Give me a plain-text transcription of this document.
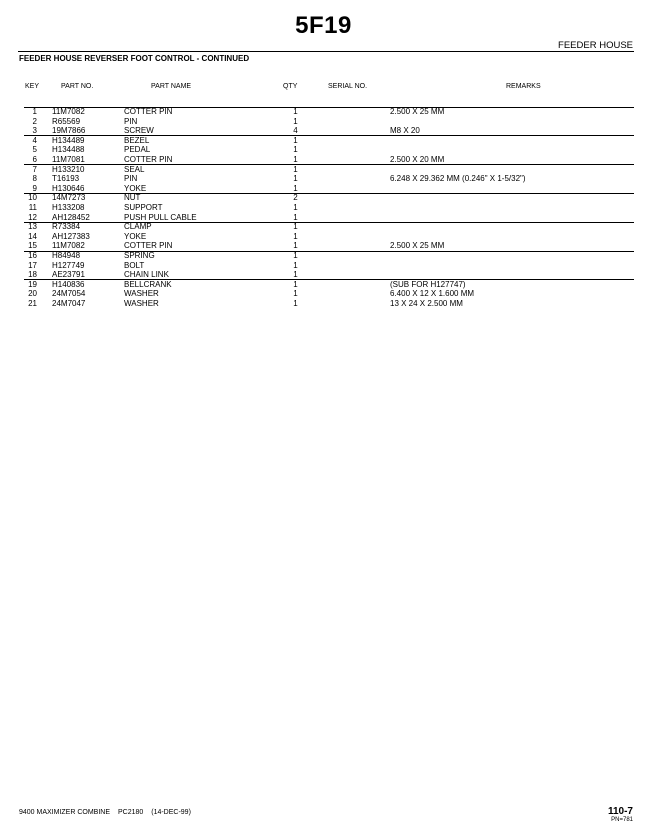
5F19
FEEDER HOUSE
FEEDER HOUSE REVERSER FOOT CONTROL - CONTINUED
KEY	PART NO.	PART NAME	QTY	SERIAL NO.	REMARKS
1 11M7082	COTTER PIN	1	2.500 X 25 MM
2 R65569	PIN	1
3 19M7866	SCREW	4	M8 X 20
4 H134489	BEZEL	1
5 H134488	PEDAL	1
6 11M7081	COTTER PIN	1	2.500 X 20 MM
7 H133210	SEAL	1
8 T16193	PIN	1	6.248 X 29.362 MM (0.246" X 1-5/32")
9 H130646	YOKE	1
10 14M7273	NUT	2
11 H133208	SUPPORT	1
12 AH128452	PUSH PULL CABLE	1
13 R73384	CLAMP	1
14 AH127383	YOKE	1
15 11M7082	COTTER PIN	1	2.500 X 25 MM
16 H84948	SPRING	1
17 H127749	BOLT	1
18 AE23791	CHAIN LINK	1
19 H140836	BELLCRANK	1	(SUB FOR H127747)
20 24M7054	WASHER	1	6.400 X 12 X 1.600 MM
21 24M7047	WASHER	1	13 X 24 X 2.500 MM
9400 MAXIMIZER COMBINE PC2180 (14-DEC-99)	110-7
PN=781
